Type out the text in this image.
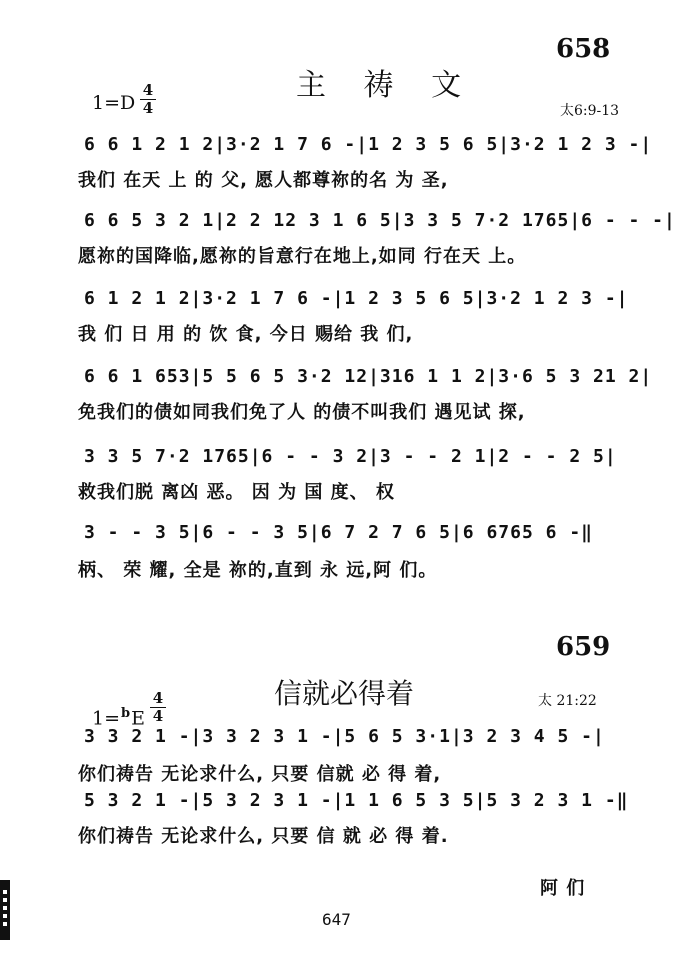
658
主 祷 文
1=D
4
4	太6:9-13
6 6 1 2 1 2|3·2 1 7 6 -|1 2 3 5 6 5|3·2 1 2 3 -|
我们 在天 上 的 父, 愿人都尊祢的名 为 圣,
6 6 5 3 2 1|2 2 12 3 1 6 5|3 3 5 7·2 1765|6 - - -|
愿祢的国降临,愿祢的旨意行在地上,如同 行在天 上。
6 1 2 1 2|3·2 1 7 6 -|1 2 3 5 6 5|3·2 1 2 3 -|
我 们 日 用 的 饮 食, 今日 赐给 我 们,
6 6 1 653|5 5 6 5 3·2 12|316 1 1 2|3·6 5 3 21 2|
免我们的债如同我们免了人 的债不叫我们 遇见试 探,
3 3 5 7·2 1765|6 - - 3 2|3 - - 2 1|2 - - 2 5|
救我们脱 离凶 恶。 因 为 国 度、 权
3 - - 3 5|6 - - 3 5|6 7 2 7 6 5|6 6765 6 -‖
柄、 荣 耀, 全是 祢的,直到 永 远,阿 们。
659
信就必得着
1=$^b$E
4
4
太 21:22
3 3 2 1 -|3 3 2 3 1 -|5 6 5 3·1|3 2 3 4 5 -|
你们祷告 无论求什么, 只要 信就 必 得 着,
5 3 2 1 -|5 3 2 3 1 -|1 1 6 5 3 5|5 3 2 3 1 -‖
你们祷告 无论求什么, 只要 信 就 必 得 着.
阿 们
647
